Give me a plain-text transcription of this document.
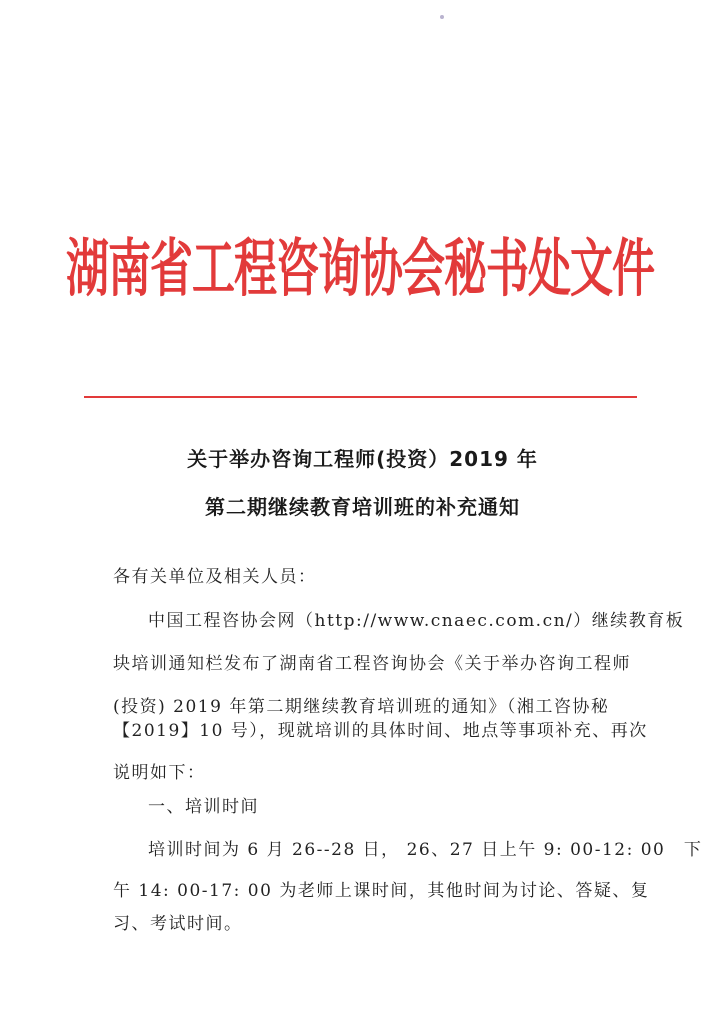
湖南省工程咨询协会秘书处文件
关于举办咨询工程师(投资）2019 年
第二期继续教育培训班的补充通知
各有关单位及相关人员：
中国工程咨协会网（http://www.cnaec.com.cn/）继续教育板
块培训通知栏发布了湖南省工程咨询协会《关于举办咨询工程师
(投资) 2019 年第二期继续教育培训班的通知》（湘工咨协秘
【2019】10 号），现就培训的具体时间、地点等事项补充、再次
说明如下：
一、培训时间
培训时间为 6 月 26--28 日， 26、27 日上午 9: 00-12: 00　下
午 14: 00-17: 00 为老师上课时间，其他时间为讨论、答疑、复
习、考试时间。
